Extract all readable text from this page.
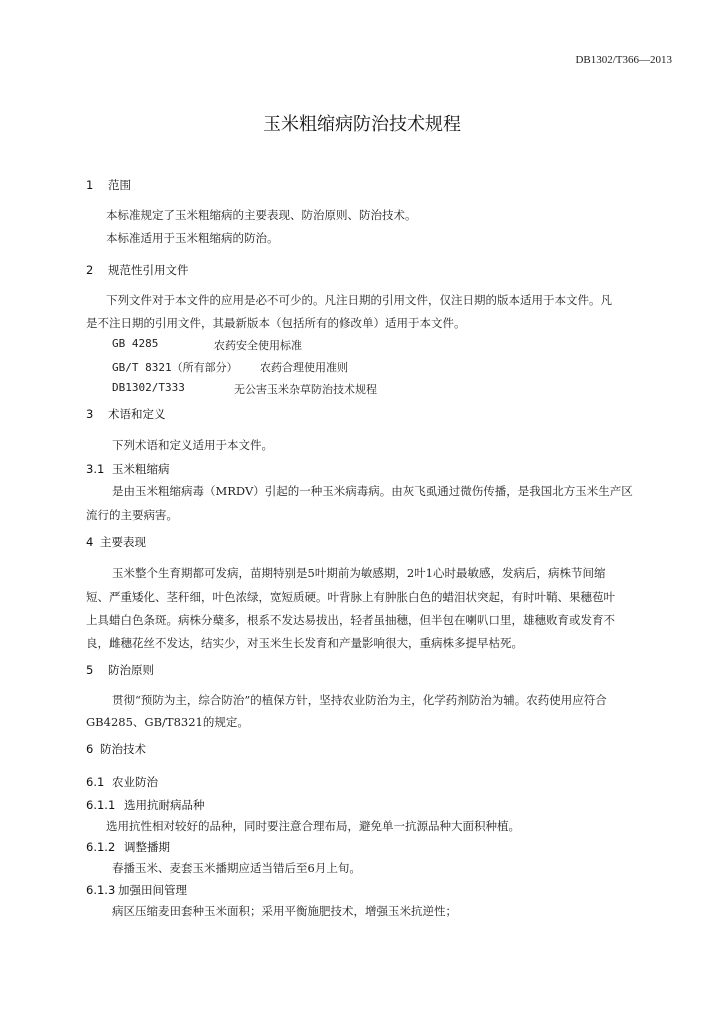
DB1302/T366—2013
玉米粗缩病防治技术规程
1 范围
本标准规定了玉米粗缩病的主要表现、防治原则、防治技术。
本标准适用于玉米粗缩病的防治。
2 规范性引用文件
下列文件对于本文件的应用是必不可少的。凡注日期的引用文件，仅注日期的版本适用于本文件。凡
是不注日期的引用文件，其最新版本（包括所有的修改单）适用于本文件。
GB 4285	农药安全使用标准
GB/T 8321（所有部分） 农药合理使用准则
DB1302/T333	无公害玉米杂草防治技术规程
3 术语和定义
下列术语和定义适用于本文件。
3.1 玉米粗缩病
是由玉米粗缩病毒（MRDV）引起的一种玉米病毒病。由灰飞虱通过微伤传播，是我国北方玉米生产区
流行的主要病害。
4 主要表现
玉米整个生育期都可发病，苗期特别是5叶期前为敏感期，2叶1心时最敏感，发病后，病株节间缩
短、严重矮化、茎秆细，叶色浓绿，宽短质硬。叶背脉上有肿胀白色的蜡泪状突起，有时叶鞘、果穗苞叶
上具蜡白色条斑。病株分蘖多，根系不发达易拔出，轻者虽抽穗，但半包在喇叭口里，雄穗败育或发育不
良，雌穗花丝不发达，结实少，对玉米生长发育和产量影响很大，重病株多提早枯死。
5 防治原则
贯彻“预防为主，综合防治”的植保方针，坚持农业防治为主，化学药剂防治为辅。农药使用应符合
GB4285、GB/T8321的规定。
6 防治技术
6.1 农业防治
6.1.1 选用抗耐病品种
选用抗性相对较好的品种，同时要注意合理布局，避免单一抗源品种大面积种植。
6.1.2 调整播期
春播玉米、麦套玉米播期应适当错后至6月上旬。
6.1.3 加强田间管理
病区压缩麦田套种玉米面积；采用平衡施肥技术，增强玉米抗逆性；
